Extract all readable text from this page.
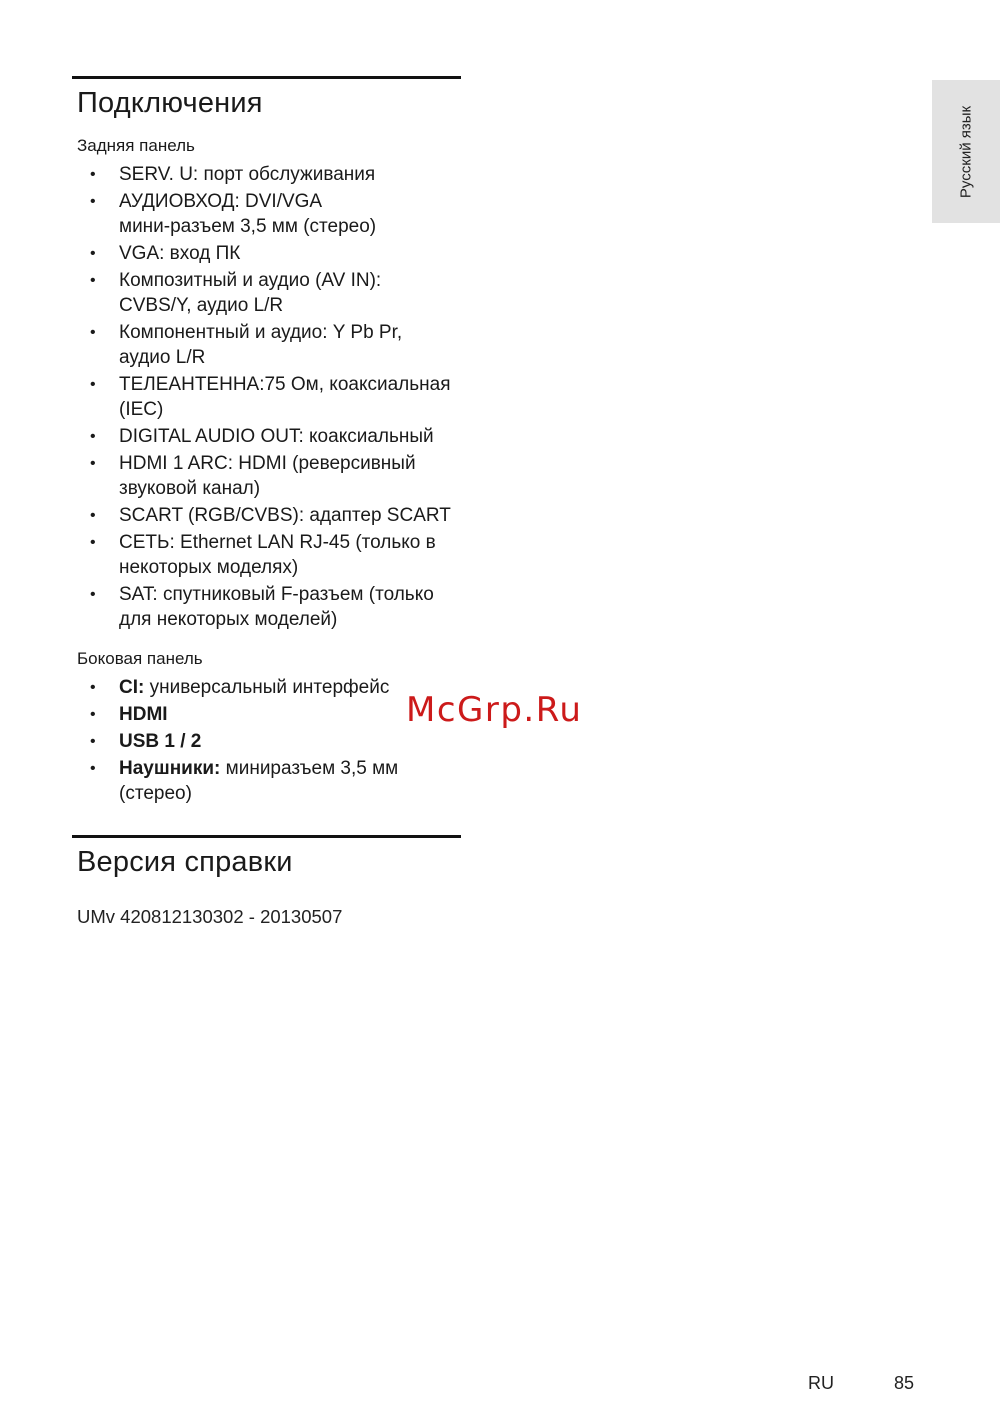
Русский язык
Подключения
Задняя панель
• SERV. U: порт обслуживания
• АУДИОВХОД: DVI/VGA
мини-разъем 3,5 мм (стерео)
• VGA: вход ПК
• Композитный и аудио (AV IN):
CVBS/Y, аудио L/R
• Компонентный и аудио: Y Pb Pr,
аудио L/R
• ТЕЛЕАНТЕННА:75 Ом, коаксиальная
(IEC)
• DIGITAL AUDIO OUT: коаксиальный
• HDMI 1 ARC: HDMI (реверсивный
звуковой канал)
• SCART (RGB/CVBS): адаптер SCART
• СЕТЬ: Ethernet LAN RJ-45 (только в
некоторых моделях)
• SAT: спутниковый F-разъем (только
для некоторых моделей)
Боковая панель
• CI: универсальный интерфейс
• HDMI
• USB 1 / 2
• Наушники: миниразъем 3,5 мм
(стерео)
Версия справки
UMv 420812130302 - 20130507
McGrp.Ru
RU	85
